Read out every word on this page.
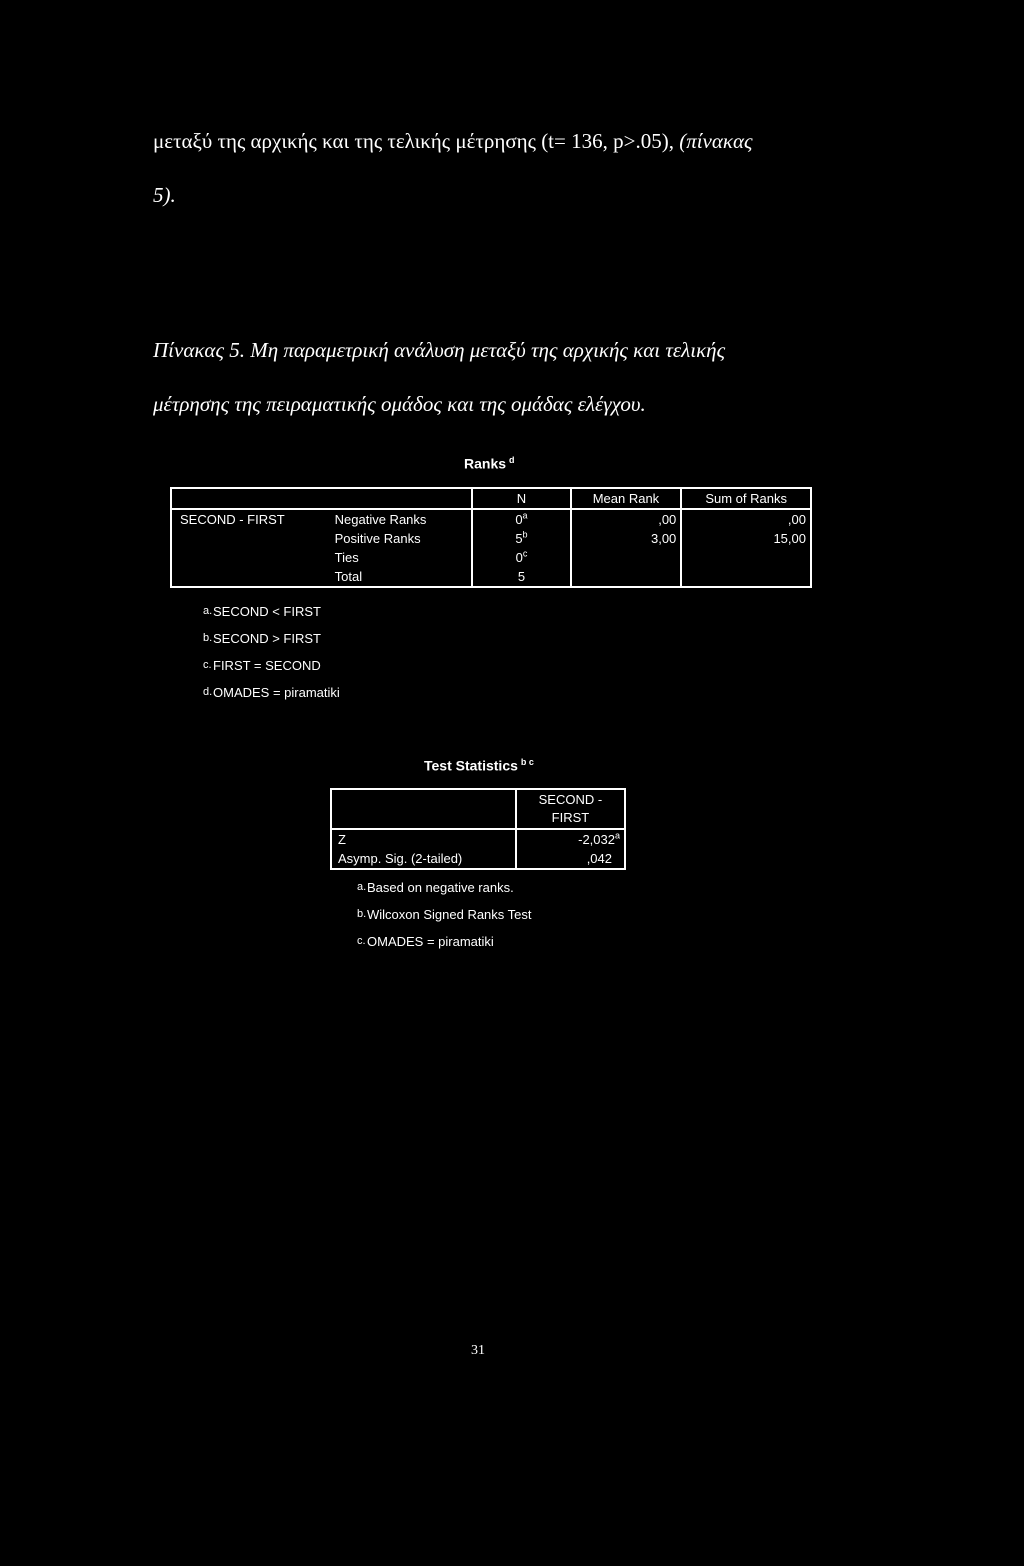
μεταξύ της αρχικής και της τελικής μέτρησης (t= 136, p>.05), (πίνακας
5).
Πίνακας 5. Μη παραμετρική ανάλυση μεταξύ της αρχικής και τελικής
μέτρησης της πειραματικής ομάδος και της ομάδας ελέγχου.
Ranks $^d$
		N	Mean Rank	Sum of Ranks
SECOND - FIRST	Negative Ranks	0$^a$	,00	,00
	Positive Ranks	5$^b$	3,00	15,00
	Ties	0$^c$		
	Total	5		
a.SECOND < FIRST
b.SECOND > FIRST
c.FIRST = SECOND
d.OMADES = piramatiki
Test Statistics $^{b c}$

	SECOND -
FIRST

Z	-2,032$^a$
Asymp. Sig. (2-tailed)	,042
a.Based on negative ranks.
b.Wilcoxon Signed Ranks Test
c.OMADES = piramatiki
31
